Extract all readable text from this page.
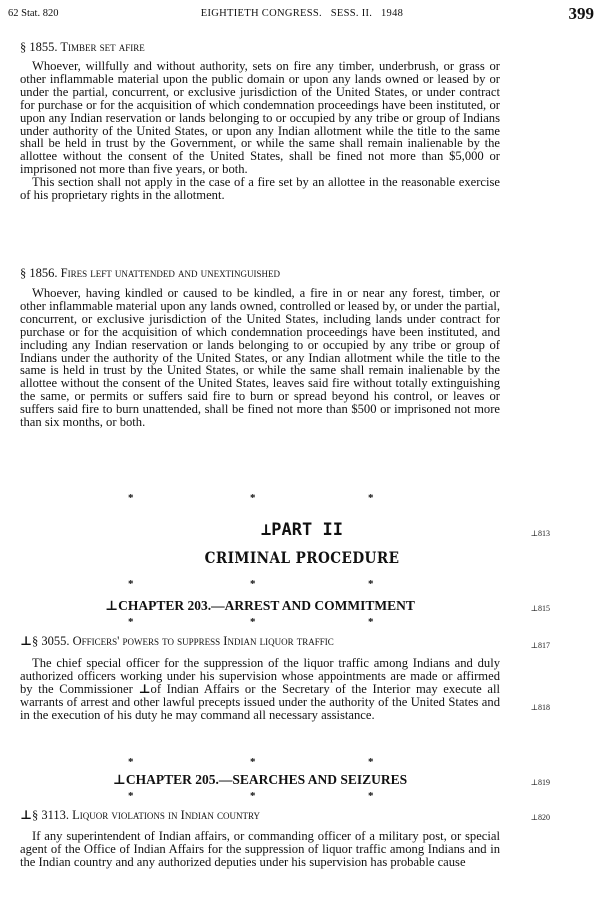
62 Stat. 820	EIGHTIETH CONGRESS.   SESS. II.   1948	399
§ 1855. Timber set afire

Whoever, willfully and without authority, sets on fire any timber, underbrush, or grass or other inflammable material upon the public domain or upon any lands owned or leased by or under the partial, concurrent, or exclusive jurisdiction of the United States, or under contract for purchase or for the acquisition of which condemnation proceedings have been instituted, or upon any Indian reservation or lands belonging to or occupied by any tribe or group of Indians under authority of the United States, or upon any Indian allotment while the title to the same shall be held in trust by the Government, or while the same shall remain inalienable by the allottee without the consent of the United States, shall be fined not more than $5,000 or imprisoned not more than five years, or both.

This section shall not apply in the case of a fire set by an allottee in the reasonable exercise of his proprietary rights in the allotment.

§ 1856. Fires left unattended and unextinguished

Whoever, having kindled or caused to be kindled, a fire in or near any forest, timber, or other inflammable material upon any lands owned, controlled or leased by, or under the partial, concurrent, or exclusive jurisdiction of the United States, including lands under contract for purchase or for the acquisition of which condemnation proceedings have been instituted, and including any Indian reservation or lands belonging to or occupied by any tribe or group of Indians under the authority of the United States, or any Indian allotment while the title to the same is held in trust by the United States, or while the same shall remain inalienable by the allottee without the consent of the United States, leaves said fire without totally extinguishing the same, or permits or suffers said fire to burn or spread beyond his control, or leaves or suffers said fire to burn unattended, shall be fined not more than $500 or imprisoned not more than six months, or both.

*	*	*
⊥PART II	⊥813
CRIMINAL PROCEDURE
*	*	*
⊥CHAPTER 203.—ARREST AND COMMITMENT	⊥815
*	*	*
⊥§ 3055. Officers' powers to suppress Indian liquor traffic	⊥817

The chief special officer for the suppression of the liquor traffic among Indians and duly authorized officers working under his supervision whose appointments are made or affirmed by the Commissioner ⊥of Indian Affairs or the Secretary of the Interior may execute all warrants of arrest and other lawful precepts issued under the authority of the United States and in the execution of his duty he may command all necessary assistance.

⊥818
*	*	*
⊥CHAPTER 205.—SEARCHES AND SEIZURES	⊥819
*	*	*
⊥§ 3113. Liquor violations in Indian country	⊥820

If any superintendent of Indian affairs, or commanding officer of a military post, or special agent of the Office of Indian Affairs for the suppression of liquor traffic among Indians and in the Indian country and any authorized deputies under his supervision has probable cause
